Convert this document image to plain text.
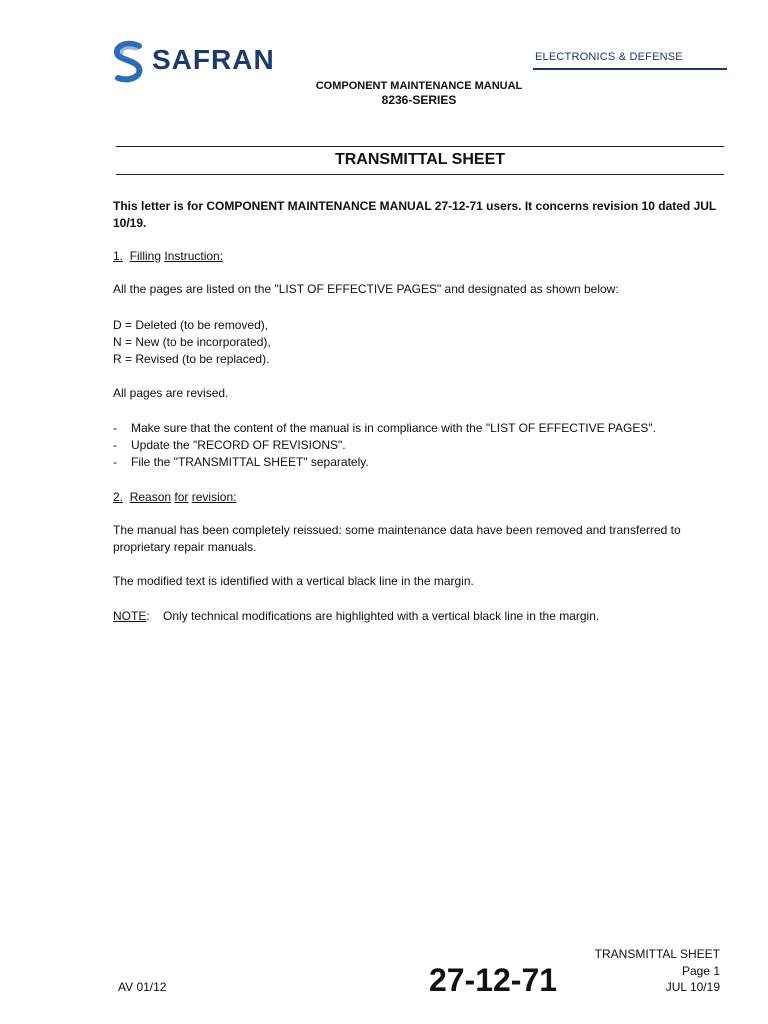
SAFRAN	ELECTRONICS & DEFENSE
COMPONENT MAINTENANCE MANUAL
8236-SERIES
TRANSMITTAL SHEET
This letter is for COMPONENT MAINTENANCE MANUAL 27-12-71 users. It concerns revision 10 dated JUL 10/19.
1. Filling Instruction:
All the pages are listed on the "LIST OF EFFECTIVE PAGES" and designated as shown below:
D = Deleted (to be removed),
N = New (to be incorporated),
R = Revised (to be replaced).
All pages are revised.
- Make sure that the content of the manual is in compliance with the "LIST OF EFFECTIVE PAGES".
- Update the "RECORD OF REVISIONS".
- File the "TRANSMITTAL SHEET" separately.
2. Reason for revision:
The manual has been completely reissued: some maintenance data have been removed and transferred to proprietary repair manuals.
The modified text is identified with a vertical black line in the margin.
NOTE:    Only technical modifications are highlighted with a vertical black line in the margin.
AV 01/12	27-12-71
TRANSMITTAL SHEET
Page 1
JUL 10/19
